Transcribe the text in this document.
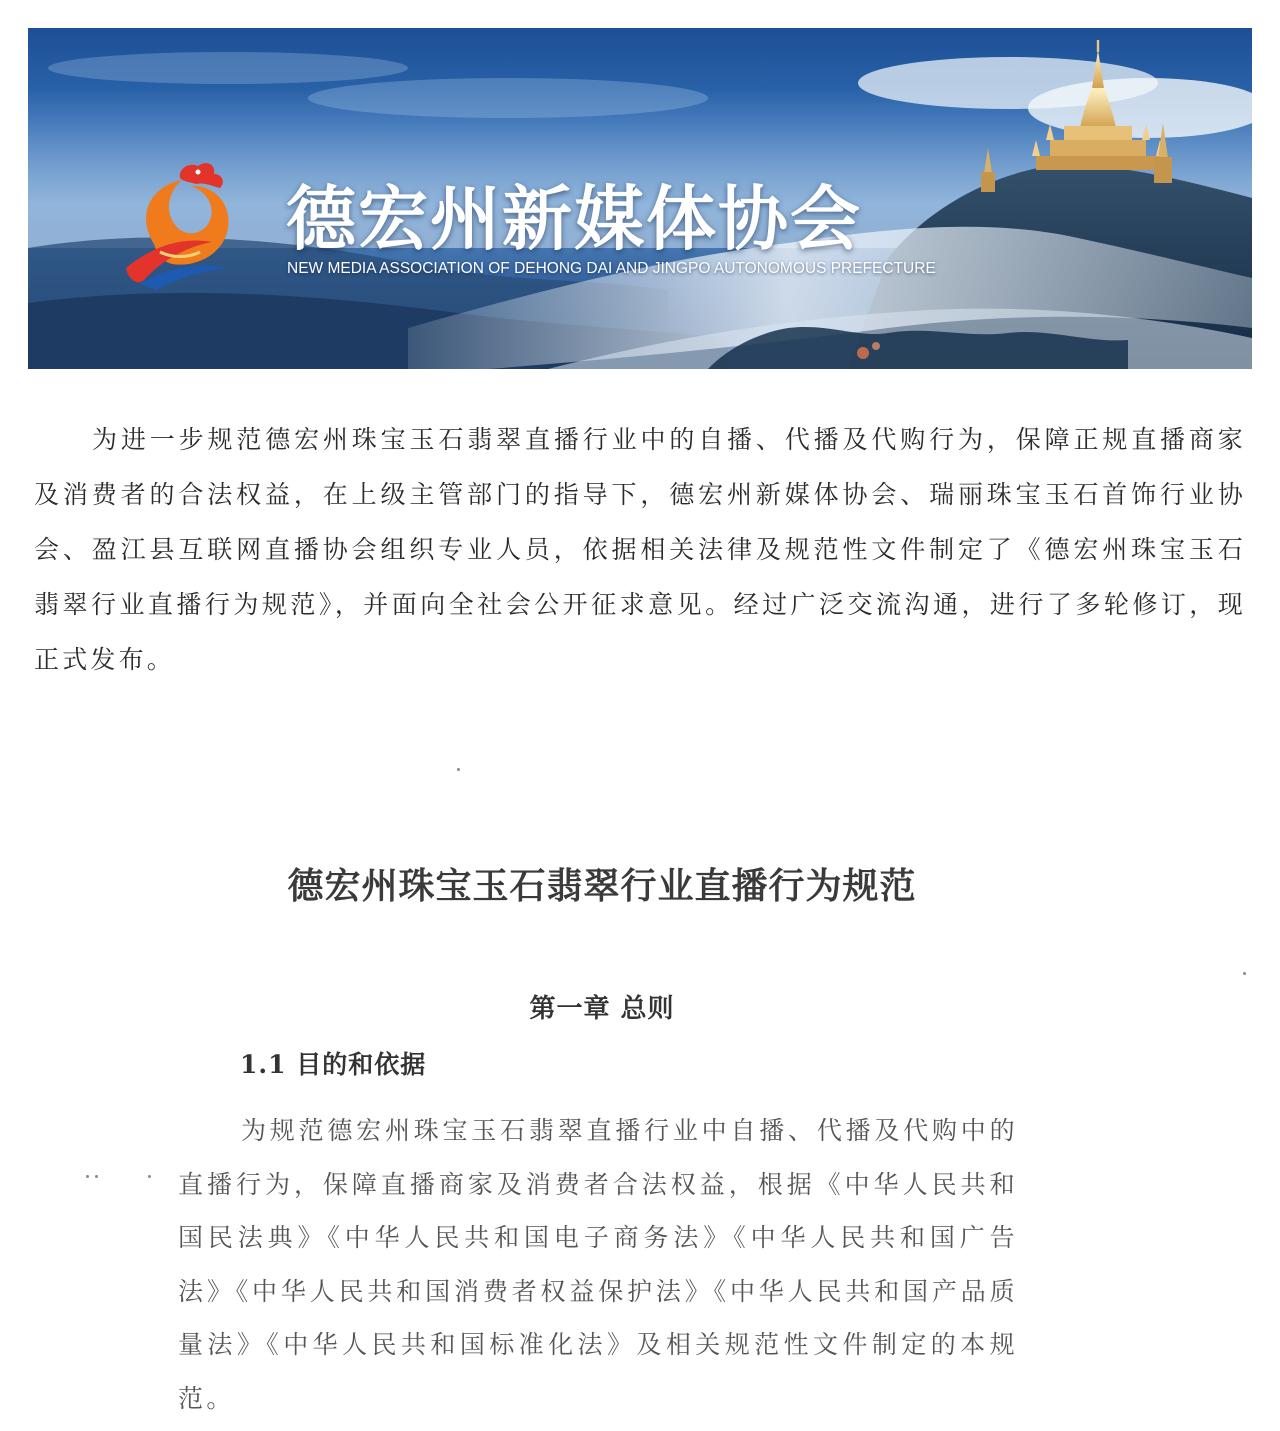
德宏州新媒体协会
NEW MEDIA ASSOCIATION OF DEHONG DAI AND JINGPO AUTONOMOUS PREFECTURE

为进一步规范德宏州珠宝玉石翡翠直播行业中的自播、代播及代购行为，保障正规直播商家及消费者的合法权益，在上级主管部门的指导下，德宏州新媒体协会、瑞丽珠宝玉石首饰行业协会、盈江县互联网直播协会组织专业人员，依据相关法律及规范性文件制定了《德宏州珠宝玉石翡翠行业直播行为规范》，并面向全社会公开征求意见。经过广泛交流沟通，进行了多轮修订，现正式发布。

德宏州珠宝玉石翡翠行业直播行为规范
第一章 总则
1.1 目的和依据

为规范德宏州珠宝玉石翡翠直播行业中自播、代播及代购中的直播行为，保障直播商家及消费者合法权益，根据《中华人民共和国民法典》《中华人民共和国电子商务法》《中华人民共和国广告法》《中华人民共和国消费者权益保护法》《中华人民共和国产品质量法》《中华人民共和国标准化法》及相关规范性文件制定的本规范。
